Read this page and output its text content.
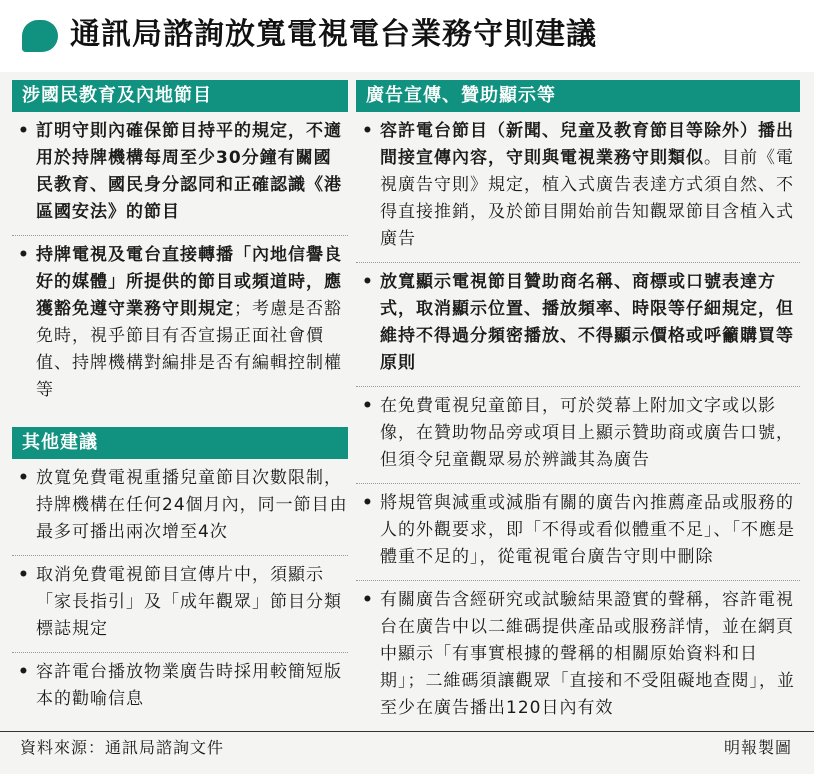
通訊局諮詢放寬電視電台業務守則建議
涉國民教育及內地節目
• 訂明守則內確保節目持平的規定，不適用於持牌機構每周至少30分鐘有關國民教育、國民身分認同和正確認識《港區國安法》的節目
• 持牌電視及電台直接轉播「內地信譽良好的媒體」所提供的節目或頻道時，應獲豁免遵守業務守則規定；考慮是否豁免時，視乎節目有否宣揚正面社會價值、持牌機構對編排是否有編輯控制權等
其他建議
• 放寬免費電視重播兒童節目次數限制，持牌機構在任何24個月內，同一節目由最多可播出兩次增至4次
• 取消免費電視節目宣傳片中，須顯示「家長指引」及「成年觀眾」節目分類標誌規定
• 容許電台播放物業廣告時採用較簡短版本的勸喻信息
廣告宣傳、贊助顯示等
• 容許電台節目（新聞、兒童及教育節目等除外）播出間接宣傳內容，守則與電視業務守則類似。目前《電視廣告守則》規定，植入式廣告表達方式須自然、不得直接推銷，及於節目開始前告知觀眾節目含植入式廣告
• 放寬顯示電視節目贊助商名稱、商標或口號表達方式，取消顯示位置、播放頻率、時限等仔細規定，但維持不得過分頻密播放、不得顯示價格或呼籲購買等原則
• 在免費電視兒童節目，可於熒幕上附加文字或以影像，在贊助物品旁或項目上顯示贊助商或廣告口號，但須令兒童觀眾易於辨識其為廣告
• 將規管與減重或減脂有關的廣告內推薦產品或服務的人的外觀要求，即「不得或看似體重不足」、「不應是體重不足的」，從電視電台廣告守則中刪除
• 有關廣告含經研究或試驗結果證實的聲稱，容許電視台在廣告中以二維碼提供產品或服務詳情，並在網頁中顯示「有事實根據的聲稱的相關原始資料和日期」；二維碼須讓觀眾「直接和不受阻礙地查閱」，並至少在廣告播出120日內有效
資料來源：通訊局諮詢文件	明報製圖
